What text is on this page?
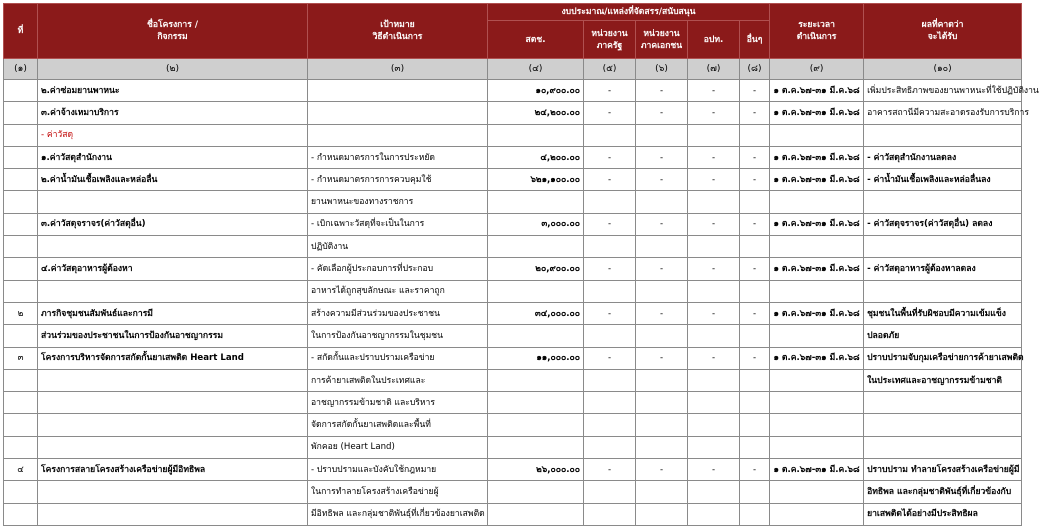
ที่	ชื่อโครงการ /
กิจกรรม	เป้าหมาย
วิธีดำเนินการ	งบประมาณ/แหล่งที่จัดสรร/สนับสนุน					ระยะเวลา
ดำเนินการ	ผลที่คาดว่า
จะได้รับ
			สตช.	หน่วยงาน
ภาครัฐ	หน่วยงาน
ภาคเอกชน	อปท.	อื่นๆ		
(๑)	(๒)	(๓)	(๔)	(๕)	(๖)	(๗)	(๘)	(๙)	(๑๐)
	๒.ค่าซ่อมยานพาหนะ		๑๐,๙๐๐.๐๐	-	-	-	-	๑ ต.ค.๖๗-๓๑ มี.ค.๖๘	เพิ่มประสิทธิภาพของยานพาหนะที่ใช้ปฏิบัติงาน
	๓.ค่าจ้างเหมาบริการ		๒๔,๒๐๐.๐๐	-	-	-	-	๑ ต.ค.๖๗-๓๑ มี.ค.๖๘	อาคารสถานีมีความสะอาดรองรับการบริการ
	- ค่าวัสดุ								
	๑.ค่าวัสดุสำนักงาน	- กำหนดมาตรการในการประหยัด	๔,๒๐๐.๐๐	-	-	-	-	๑ ต.ค.๖๗-๓๑ มี.ค.๖๘	- ค่าวัสดุสำนักงานลดลง
	๒.ค่าน้ำมันเชื้อเพลิงและหล่อลื่น	- กำหนดมาตรการการควบคุมใช้	๖๒๑,๑๐๐.๐๐	-	-	-	-	๑ ต.ค.๖๗-๓๑ มี.ค.๖๘	- ค่าน้ำมันเชื้อเพลิงและหล่อลื่นลง
		ยานพาหนะของทางราชการ							
	๓.ค่าวัสดุจราจร(ค่าวัสดุอื่น)	- เบิกเฉพาะวัสดุที่จะเป็นในการ	๓,๐๐๐.๐๐	-	-	-	-	๑ ต.ค.๖๗-๓๑ มี.ค.๖๘	- ค่าวัสดุจราจร(ค่าวัสดุอื่น) ลดลง
		ปฏิบัติงาน							
	๔.ค่าวัสดุอาหารผู้ต้องหา	- คัดเลือกผู้ประกอบการที่ประกอบ	๒๐,๙๐๐.๐๐	-	-	-	-	๑ ต.ค.๖๗-๓๑ มี.ค.๖๘	- ค่าวัสดุอาหารผู้ต้องหาลดลง
		อาหารได้ถูกสุขลักษณะ และราคาถูก							
๒	ภารกิจชุมชนสัมพันธ์และการมี	สร้างความมีส่วนร่วมของประชาชน	๓๔,๐๐๐.๐๐	-	-	-	-	๑ ต.ค.๖๗-๓๑ มี.ค.๖๘	ชุมชนในพื้นที่รับผิชอบมีความเข้มแข็ง
	ส่วนร่วมของประชาชนในการป้องกันอาชญากรรม	ในการป้องกันอาชญากรรมในชุมชน							ปลอดภัย
๓	โครงการบริหารจัดการสกัดกั้นยาเสพติด Heart Land	- สกัดกั้นและปราบปรามเครือข่าย	๑๑,๐๐๐.๐๐	-	-	-	-	๑ ต.ค.๖๗-๓๑ มี.ค.๖๘	ปราบปรามจับกุมเครือข่ายการค้ายาเสพติด
		การค้ายาเสพติดในประเทศและ							ในประเทศและอาชญากรรมข้ามชาติ
		อาชญากรรมข้ามชาติ และบริหาร							
		จัดการสกัดกั้นยาเสพติดและพื้นที่							
		พักคอย (Heart Land)							
๔	โครงการสลายโครงสร้างเครือข่ายผู้มีอิทธิพล	- ปราบปรามและบังคับใช้กฎหมาย	๒๖,๐๐๐.๐๐	-	-	-	-	๑ ต.ค.๖๗-๓๑ มี.ค.๖๘	ปราบปราม ทำลายโครงสร้างเครือข่ายผู้มี
		ในการทำลายโครงสร้างเครือข่ายผู้							อิทธิพล และกลุ่มชาติพันธุ์ที่เกี่ยวข้องกับ
		มีอิทธิพล และกลุ่มชาติพันธุ์ที่เกี่ยวข้องยาเสพติด							ยาเสพติดได้อย่างมีประสิทธิผล
